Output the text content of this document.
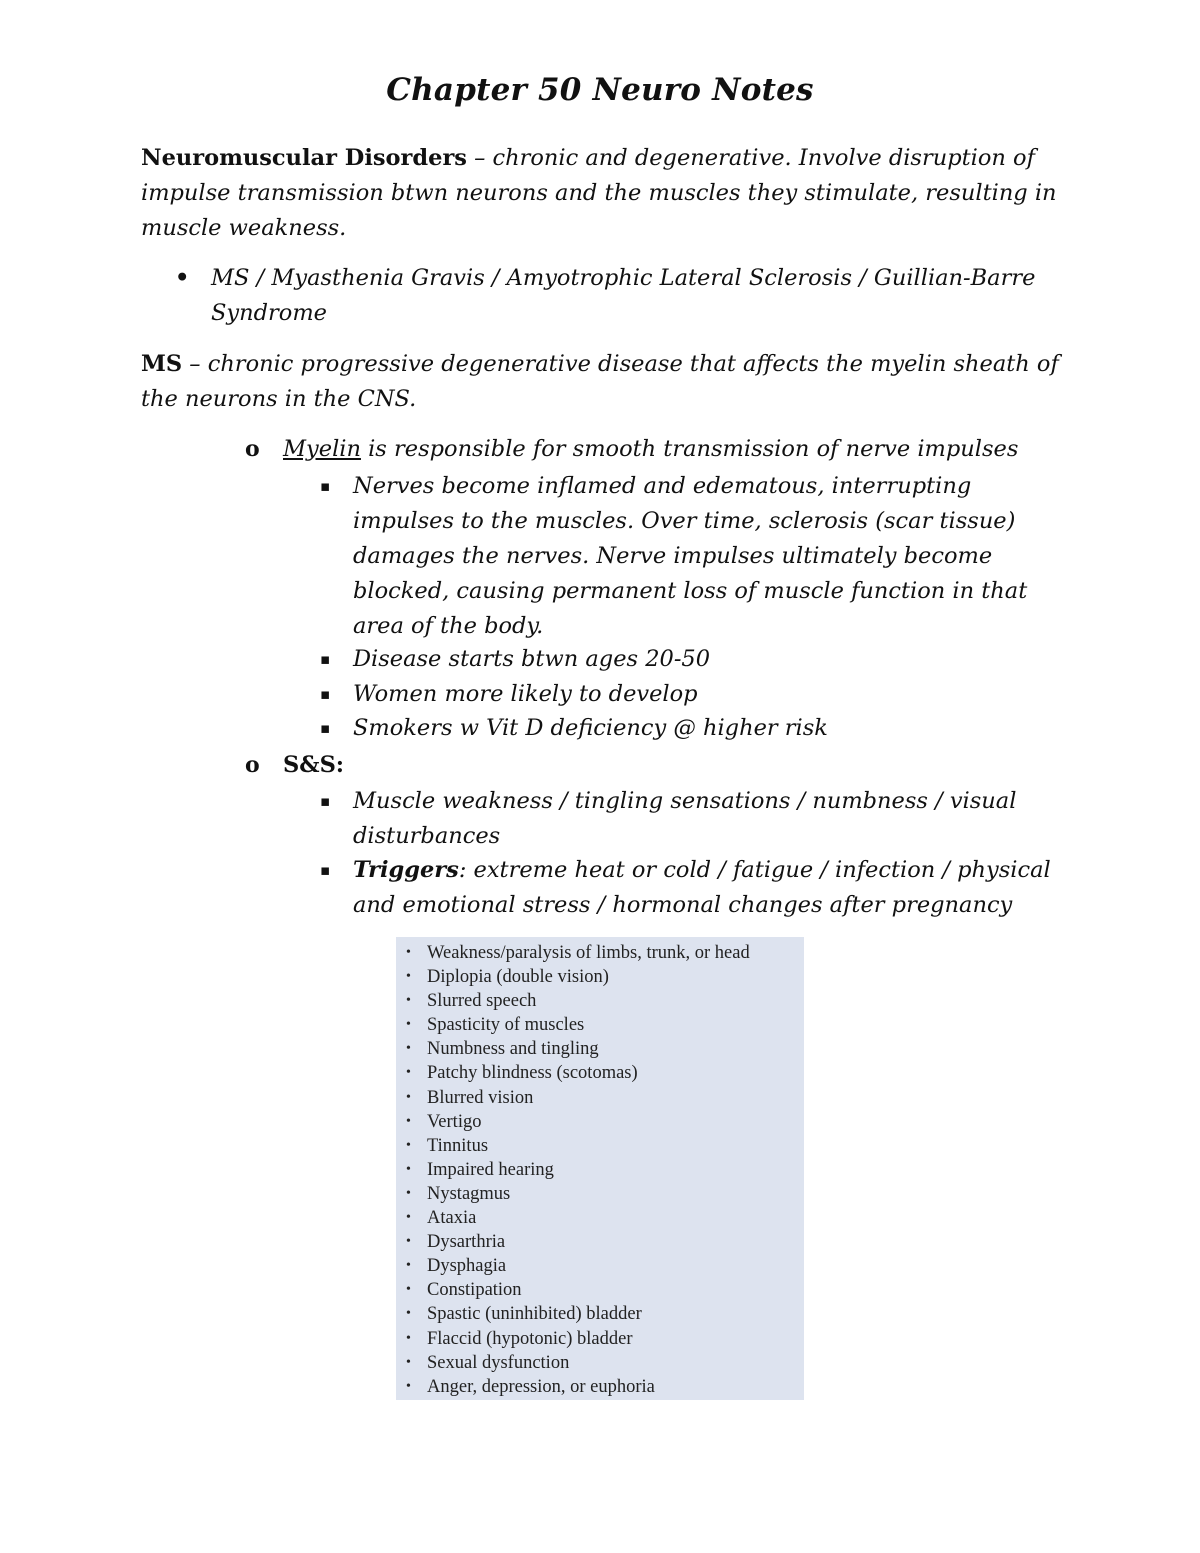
Chapter 50 Neuro Notes
Neuromuscular Disorders – chronic and degenerative. Involve disruption of
impulse transmission btwn neurons and the muscles they stimulate, resulting in
muscle weakness.
• MS / Myasthenia Gravis / Amyotrophic Lateral Sclerosis / Guillian-Barre
Syndrome
MS – chronic progressive degenerative disease that affects the myelin sheath of
the neurons in the CNS.
o Myelin is responsible for smooth transmission of nerve impulses
▪ Nerves become inflamed and edematous, interrupting
impulses to the muscles. Over time, sclerosis (scar tissue)
damages the nerves. Nerve impulses ultimately become
blocked, causing permanent loss of muscle function in that
area of the body.
▪ Disease starts btwn ages 20-50
▪ Women more likely to develop
▪ Smokers w Vit D deficiency @ higher risk
o S&S:
▪ Muscle weakness / tingling sensations / numbness / visual
disturbances
▪ Triggers: extreme heat or cold / fatigue / infection / physical
and emotional stress / hormonal changes after pregnancy
• Weakness/paralysis of limbs, trunk, or head
• Diplopia (double vision)
• Slurred speech
• Spasticity of muscles
• Numbness and tingling
• Patchy blindness (scotomas)
• Blurred vision
• Vertigo
• Tinnitus
• Impaired hearing
• Nystagmus
• Ataxia
• Dysarthria
• Dysphagia
• Constipation
• Spastic (uninhibited) bladder
• Flaccid (hypotonic) bladder
• Sexual dysfunction
• Anger, depression, or euphoria
